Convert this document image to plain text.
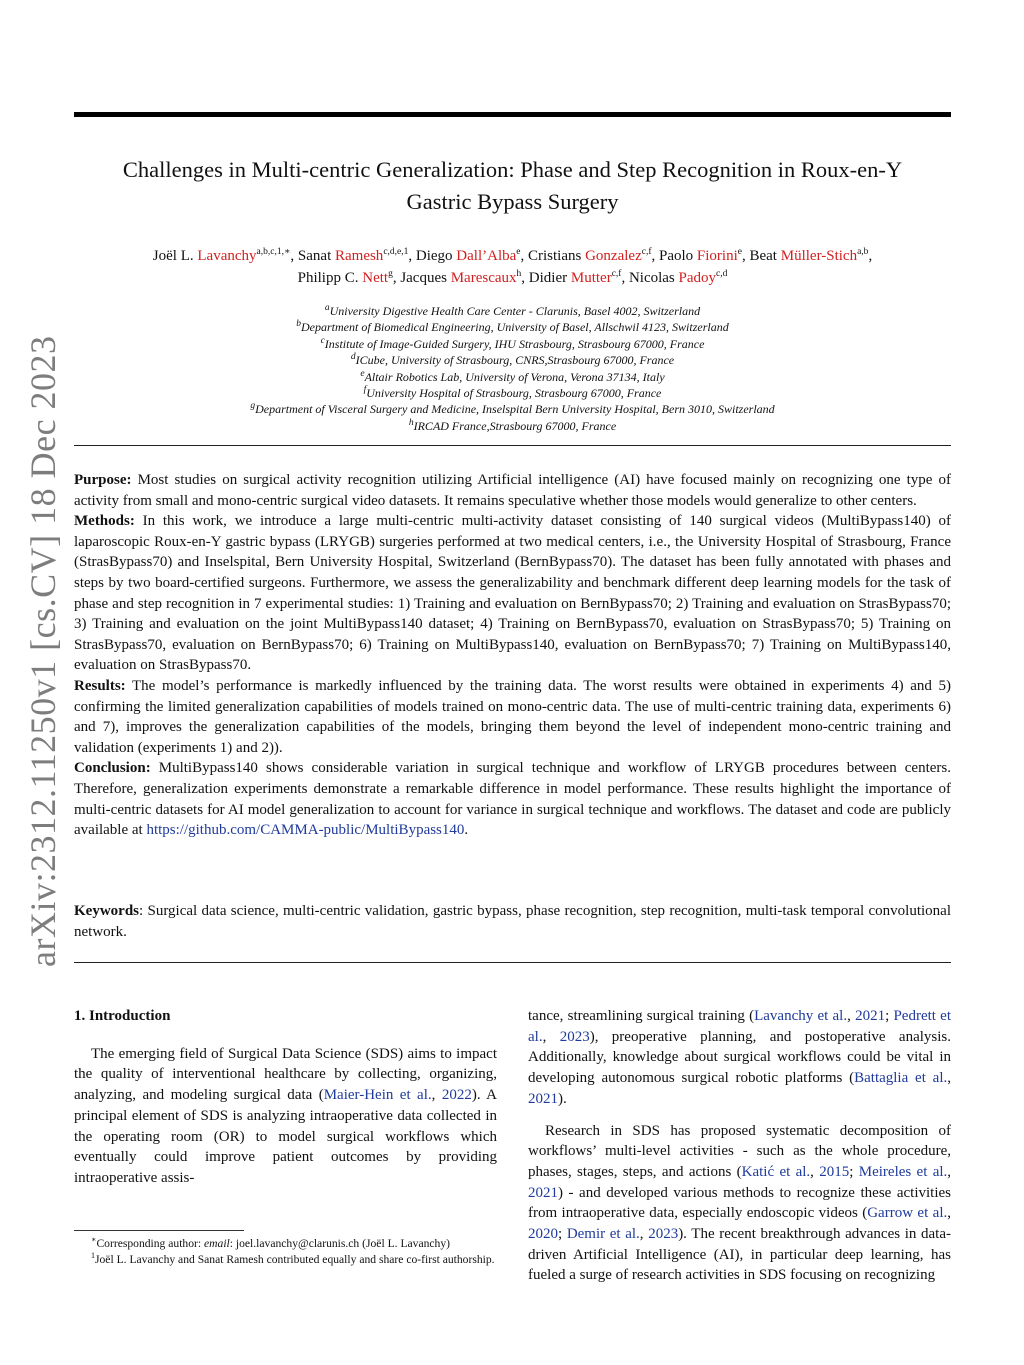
Challenges in Multi-centric Generalization: Phase and Step Recognition in Roux-en-Y
Gastric Bypass Surgery
Joël L. Lavanchy$^{a,b,c,1,∗}$, Sanat Ramesh$^{c,d,e,1}$, Diego Dall’Alba$^e$, Cristians Gonzalez$^{c,f}$, Paolo Fiorini$^e$, Beat Müller-Stich$^{a,b}$,
Philipp C. Nett$^g$, Jacques Marescaux$^h$, Didier Mutter$^{c,f}$, Nicolas Padoy$^{c,d}$
$^a$University Digestive Health Care Center - Clarunis, Basel 4002, Switzerland
$^b$Department of Biomedical Engineering, University of Basel, Allschwil 4123, Switzerland
$^c$Institute of Image-Guided Surgery, IHU Strasbourg, Strasbourg 67000, France
$^d$ICube, University of Strasbourg, CNRS,Strasbourg 67000, France
$^e$Altair Robotics Lab, University of Verona, Verona 37134, Italy
$^f$University Hospital of Strasbourg, Strasbourg 67000, France
$^g$Department of Visceral Surgery and Medicine, Inselspital Bern University Hospital, Bern 3010, Switzerland
$^h$IRCAD France,Strasbourg 67000, France

Purpose: Most studies on surgical activity recognition utilizing Artificial intelligence (AI) have focused mainly on recognizing one type of activity from small and mono-centric surgical video datasets. It remains speculative whether those models would generalize to other centers.

Methods: In this work, we introduce a large multi-centric multi-activity dataset consisting of 140 surgical videos (MultiBypass140) of laparoscopic Roux-en-Y gastric bypass (LRYGB) surgeries performed at two medical centers, i.e., the University Hospital of Strasbourg, France (StrasBypass70) and Inselspital, Bern University Hospital, Switzerland (BernBypass70). The dataset has been fully annotated with phases and steps by two board-certified surgeons. Furthermore, we assess the generalizability and benchmark different deep learning models for the task of phase and step recognition in 7 experimental studies: 1) Training and evaluation on BernBypass70; 2) Training and evaluation on StrasBypass70; 3) Training and evaluation on the joint MultiBypass140 dataset; 4) Training on BernBypass70, evaluation on StrasBypass70; 5) Training on StrasBypass70, evaluation on BernBypass70; 6) Training on MultiBypass140, evaluation on BernBypass70; 7) Training on MultiBypass140, evaluation on StrasBypass70.

Results: The model’s performance is markedly influenced by the training data. The worst results were obtained in experiments 4) and 5) confirming the limited generalization capabilities of models trained on mono-centric data. The use of multi-centric training data, experiments 6) and 7), improves the generalization capabilities of the models, bringing them beyond the level of independent mono-centric training and validation (experiments 1) and 2)).

Conclusion: MultiBypass140 shows considerable variation in surgical technique and workflow of LRYGB procedures between centers. Therefore, generalization experiments demonstrate a remarkable difference in model performance. These results highlight the importance of multi-centric datasets for AI model generalization to account for variance in surgical technique and workflows. The dataset and code are publicly available at https://github.com/CAMMA-public/MultiBypass140.

Keywords: Surgical data science, multi-centric validation, gastric bypass, phase recognition, step recognition, multi-task temporal convolutional network.

arXiv:2312.11250v1 [cs.CV] 18 Dec 2023

1. Introduction

The emerging field of Surgical Data Science (SDS) aims to impact the quality of interventional healthcare by collecting, organizing, analyzing, and modeling surgical data (Maier-Hein et al., 2022). A principal element of SDS is analyzing intraoperative data collected in the operating room (OR) to model surgical workflows which eventually could improve patient outcomes by providing intraoperative assis-

∗Corresponding author: email: joel.lavanchy@clarunis.ch (Joël L. Lavanchy)

$^1$Joël L. Lavanchy and Sanat Ramesh contributed equally and share co-first authorship.

tance, streamlining surgical training (Lavanchy et al., 2021; Pedrett et al., 2023), preoperative planning, and postoperative analysis. Additionally, knowledge about surgical workflows could be vital in developing autonomous surgical robotic platforms (Battaglia et al., 2021).

Research in SDS has proposed systematic decomposition of workflows’ multi-level activities - such as the whole procedure, phases, stages, steps, and actions (Katić et al., 2015; Meireles et al., 2021) - and developed various methods to recognize these activities from intraoperative data, especially endoscopic videos (Garrow et al., 2020; Demir et al., 2023). The recent breakthrough advances in data-driven Artificial Intelligence (AI), in particular deep learning, has fueled a surge of research activities in SDS focusing on recognizing
